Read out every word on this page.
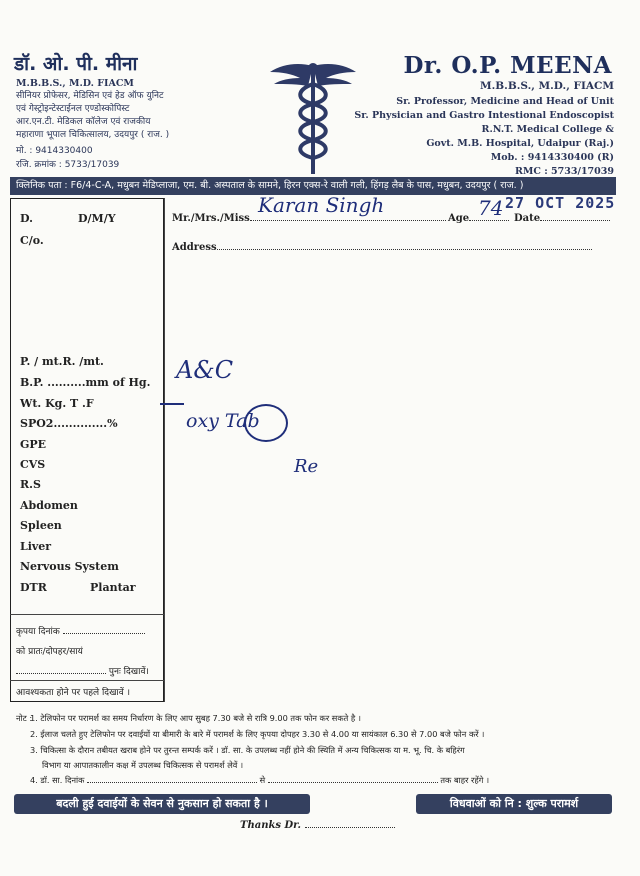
डॉ. ओ. पी. मीना
M.B.B.S., M.D. FIACM
सीनियर प्रोफेसर, मेडिसिन एवं हेड ऑफ युनिट
एवं गेस्ट्रोइन्टेस्टाईनल एण्डोस्कोपिस्ट
आर.एन.टी. मेडिकल कॉलेज एवं राजकीय
महाराणा भूपाल चिकित्सालय, उदयपुर ( राज. )
मो. : 9414330400
रजि. क्रमांक : 5733/17039
Dr. O.P. MEENA
M.B.B.S., M.D., FIACM
Sr. Professor, Medicine and Head of Unit
Sr. Physician and Gastro Intestional Endoscopist
R.N.T. Medical College &
Govt. M.B. Hospital, Udaipur (Raj.)
Mob. : 9414330400 (R)
RMC : 5733/17039
क्लिनिक पता : F6/4-C-A, मधुबन मेडिप्लाजा, एम. बी. अस्पताल के सामने, हिरन एक्स-रे वाली गली, हिंगड़ लैब के पास, मधुबन, उदयपुर ( राज. )
D.	D/M/Y
C/o.
P. / mt.R. /mt.
B.P. ..........mm of Hg.
Wt. Kg. T .F
SPO2..............%
GPE
CVS
R.S
Abdomen
Spleen
Liver
Nervous System
DTR	Plantar
कृपया दिनांक
को प्रातः/दोपहर/सायं
पुनः दिखावें।
आवश्यकता होने पर पहले दिखावें ।
Mr./Mrs./Miss	Age	Date
Address
27 OCT 2025
Karan Singh	74
A&C
oxy Tab
Re
नोट :
1. टेलिफोन पर परामर्श का समय निर्धारण के लिए आप सुबह 7.30 बजे से रात्रि 9.00 तक फोन कर सकते है ।
2. ईलाज चलते हुए टेलिफोन पर दवाईयों या बीमारी के बारे में परामर्श के लिए कृपया दोपहर 3.30 से 4.00 या सायंकाल 6.30 से 7.00 बजे फोन करें ।
3. चिकित्सा के दौरान तबीयत खराब होने पर तुरन्त सम्पर्क करें । डॉ. सा. के उपलब्ध नहीं होने की स्थिति में अन्य चिकित्सक या म. भू. चि. के बहिरंग
विभाग या आपातकालीन कक्ष में उपलब्ध चिकित्सक से परामर्श लेवें ।
4. डॉ. सा. दिनांक	से	तक बाहर रहेंगे ।
बदली हुई दवाईयों के सेवन से नुकसान हो सकता है ।	विधवाओं को नि : शुल्क परामर्श
Thanks Dr.
